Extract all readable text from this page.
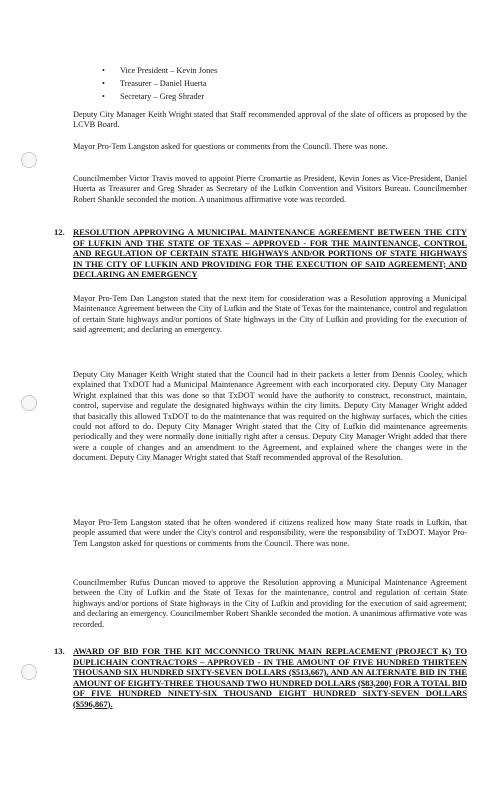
• Vice President – Kevin Jones
• Treasurer – Daniel Huerta
• Secretary – Greg Shrader

Deputy City Manager Keith Wright stated that Staff recommended approval of the slate of officers as proposed by the LCVB Board.

Mayor Pro-Tem Langston asked for questions or comments from the Council. There was none.

Councilmember Victor Travis moved to appoint Pierre Cromartie as President, Kevin Jones as Vice-President, Daniel Huerta as Treasurer and Greg Shrader as Secretary of the Lufkin Convention and Visitors Bureau. Councilmember Robert Shankle seconded the motion. A unanimous affirmative vote was recorded.

12. RESOLUTION APPROVING A MUNICIPAL MAINTENANCE AGREEMENT BETWEEN THE CITY OF LUFKIN AND THE STATE OF TEXAS – APPROVED - FOR THE MAINTENANCE, CONTROL AND REGULATION OF CERTAIN STATE HIGHWAYS AND/OR PORTIONS OF STATE HIGHWAYS IN THE CITY OF LUFKIN AND PROVIDING FOR THE EXECUTION OF SAID AGREEMENT; AND DECLARING AN EMERGENCY

Mayor Pro-Tem Dan Langston stated that the next item for consideration was a Resolution approving a Municipal Maintenance Agreement between the City of Lufkin and the State of Texas for the maintenance, control and regulation of certain State highways and/or portions of State highways in the City of Lufkin and providing for the execution of said agreement; and declaring an emergency.

Deputy City Manager Keith Wright stated that the Council had in their packets a letter from Dennis Cooley, which explained that TxDOT had a Municipal Maintenance Agreement with each incorporated city. Deputy City Manager Wright explained that this was done so that TxDOT would have the authority to construct, reconstruct, maintain, control, supervise and regulate the designated highways within the city limits. Deputy City Manager Wright added that basically this allowed TxDOT to do the maintenance that was required on the highway surfaces, which the cities could not afford to do. Deputy City Manager Wright stated that the City of Lufkin did maintenance agreements periodically and they were normally done initially right after a census. Deputy City Manager Wright added that there were a couple of changes and an amendment to the Agreement, and explained where the changes were in the document. Deputy City Manager Wright stated that Staff recommended approval of the Resolution.

Mayor Pro-Tem Langston stated that he often wondered if citizens realized how many State roads in Lufkin, that people assumed that were under the City's control and responsibility, were the responsibility of TxDOT. Mayor Pro-Tem Langston asked for questions or comments from the Council. There was none.

Councilmember Rufus Duncan moved to approve the Resolution approving a Municipal Maintenance Agreement between the City of Lufkin and the State of Texas for the maintenance, control and regulation of certain State highways and/or portions of State highways in the City of Lufkin and providing for the execution of said agreement; and declaring an emergency. Councilmember Robert Shankle seconded the motion. A unanimous affirmative vote was recorded.

13. AWARD OF BID FOR THE KIT MCCONNICO TRUNK MAIN REPLACEMENT (PROJECT K) TO DUPLICHAIN CONTRACTORS – APPROVED - IN THE AMOUNT OF FIVE HUNDRED THIRTEEN THOUSAND SIX HUNDRED SIXTY-SEVEN DOLLARS ($513,667), AND AN ALTERNATE BID IN THE AMOUNT OF EIGHTY-THREE THOUSAND TWO HUNDRED DOLLARS ($83,200) FOR A TOTAL BID OF FIVE HUNDRED NINETY-SIX THOUSAND EIGHT HUNDRED SIXTY-SEVEN DOLLARS ($596,867).
